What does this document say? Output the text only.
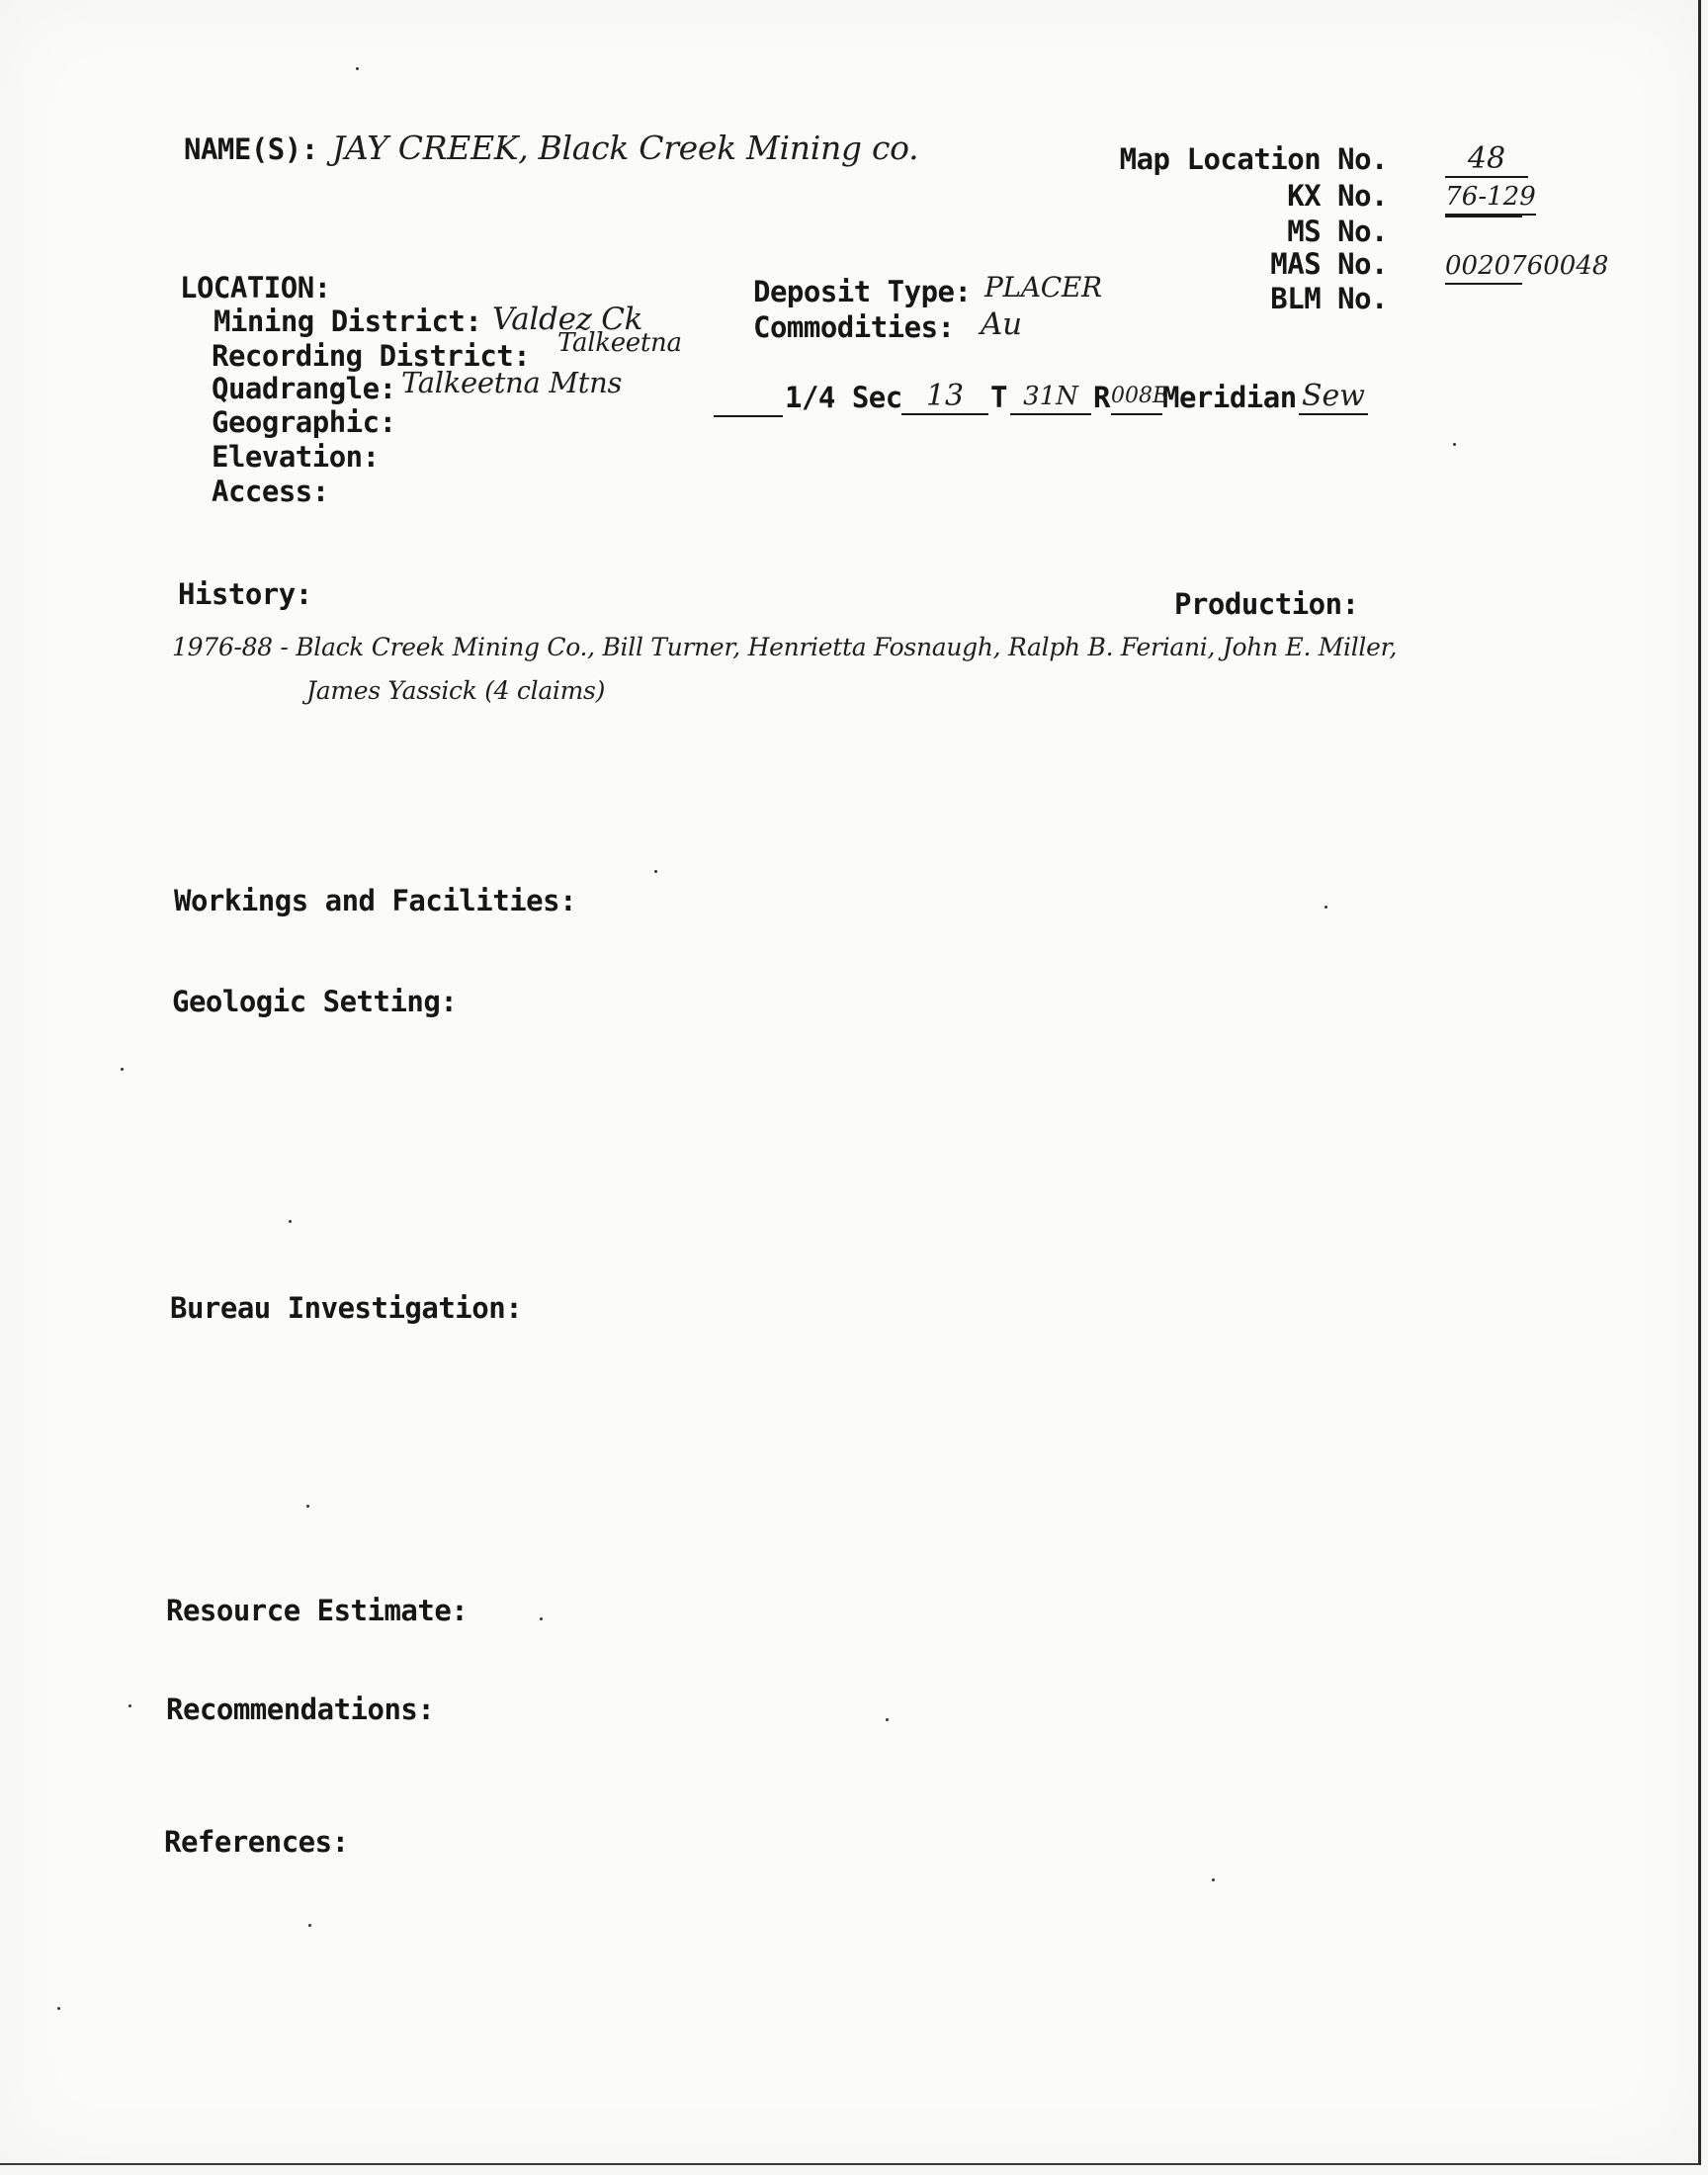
NAME(S): JAY CREEK, Black Creek Mining co.	Map Location No.	48
KX No. 76-129
MS No.
MAS No. 0020760048
BLM No.
LOCATION:
Mining District: Valdez Ck
Recording District: Talkeetna
Quadrangle: Talkeetna Mtns
Geographic:
Elevation:
Access:
Deposit Type: PLACER
Commodities: Au
1/4 Sec 13 T 31N R 008E
Meridian Sew
History:	Production:
1976-88 - Black Creek Mining Co., Bill Turner, Henrietta Fosnaugh, Ralph B. Feriani, John E. Miller,
James Yassick (4 claims)
Workings and Facilities:
Geologic Setting:
Bureau Investigation:
Resource Estimate:
Recommendations:
References:
